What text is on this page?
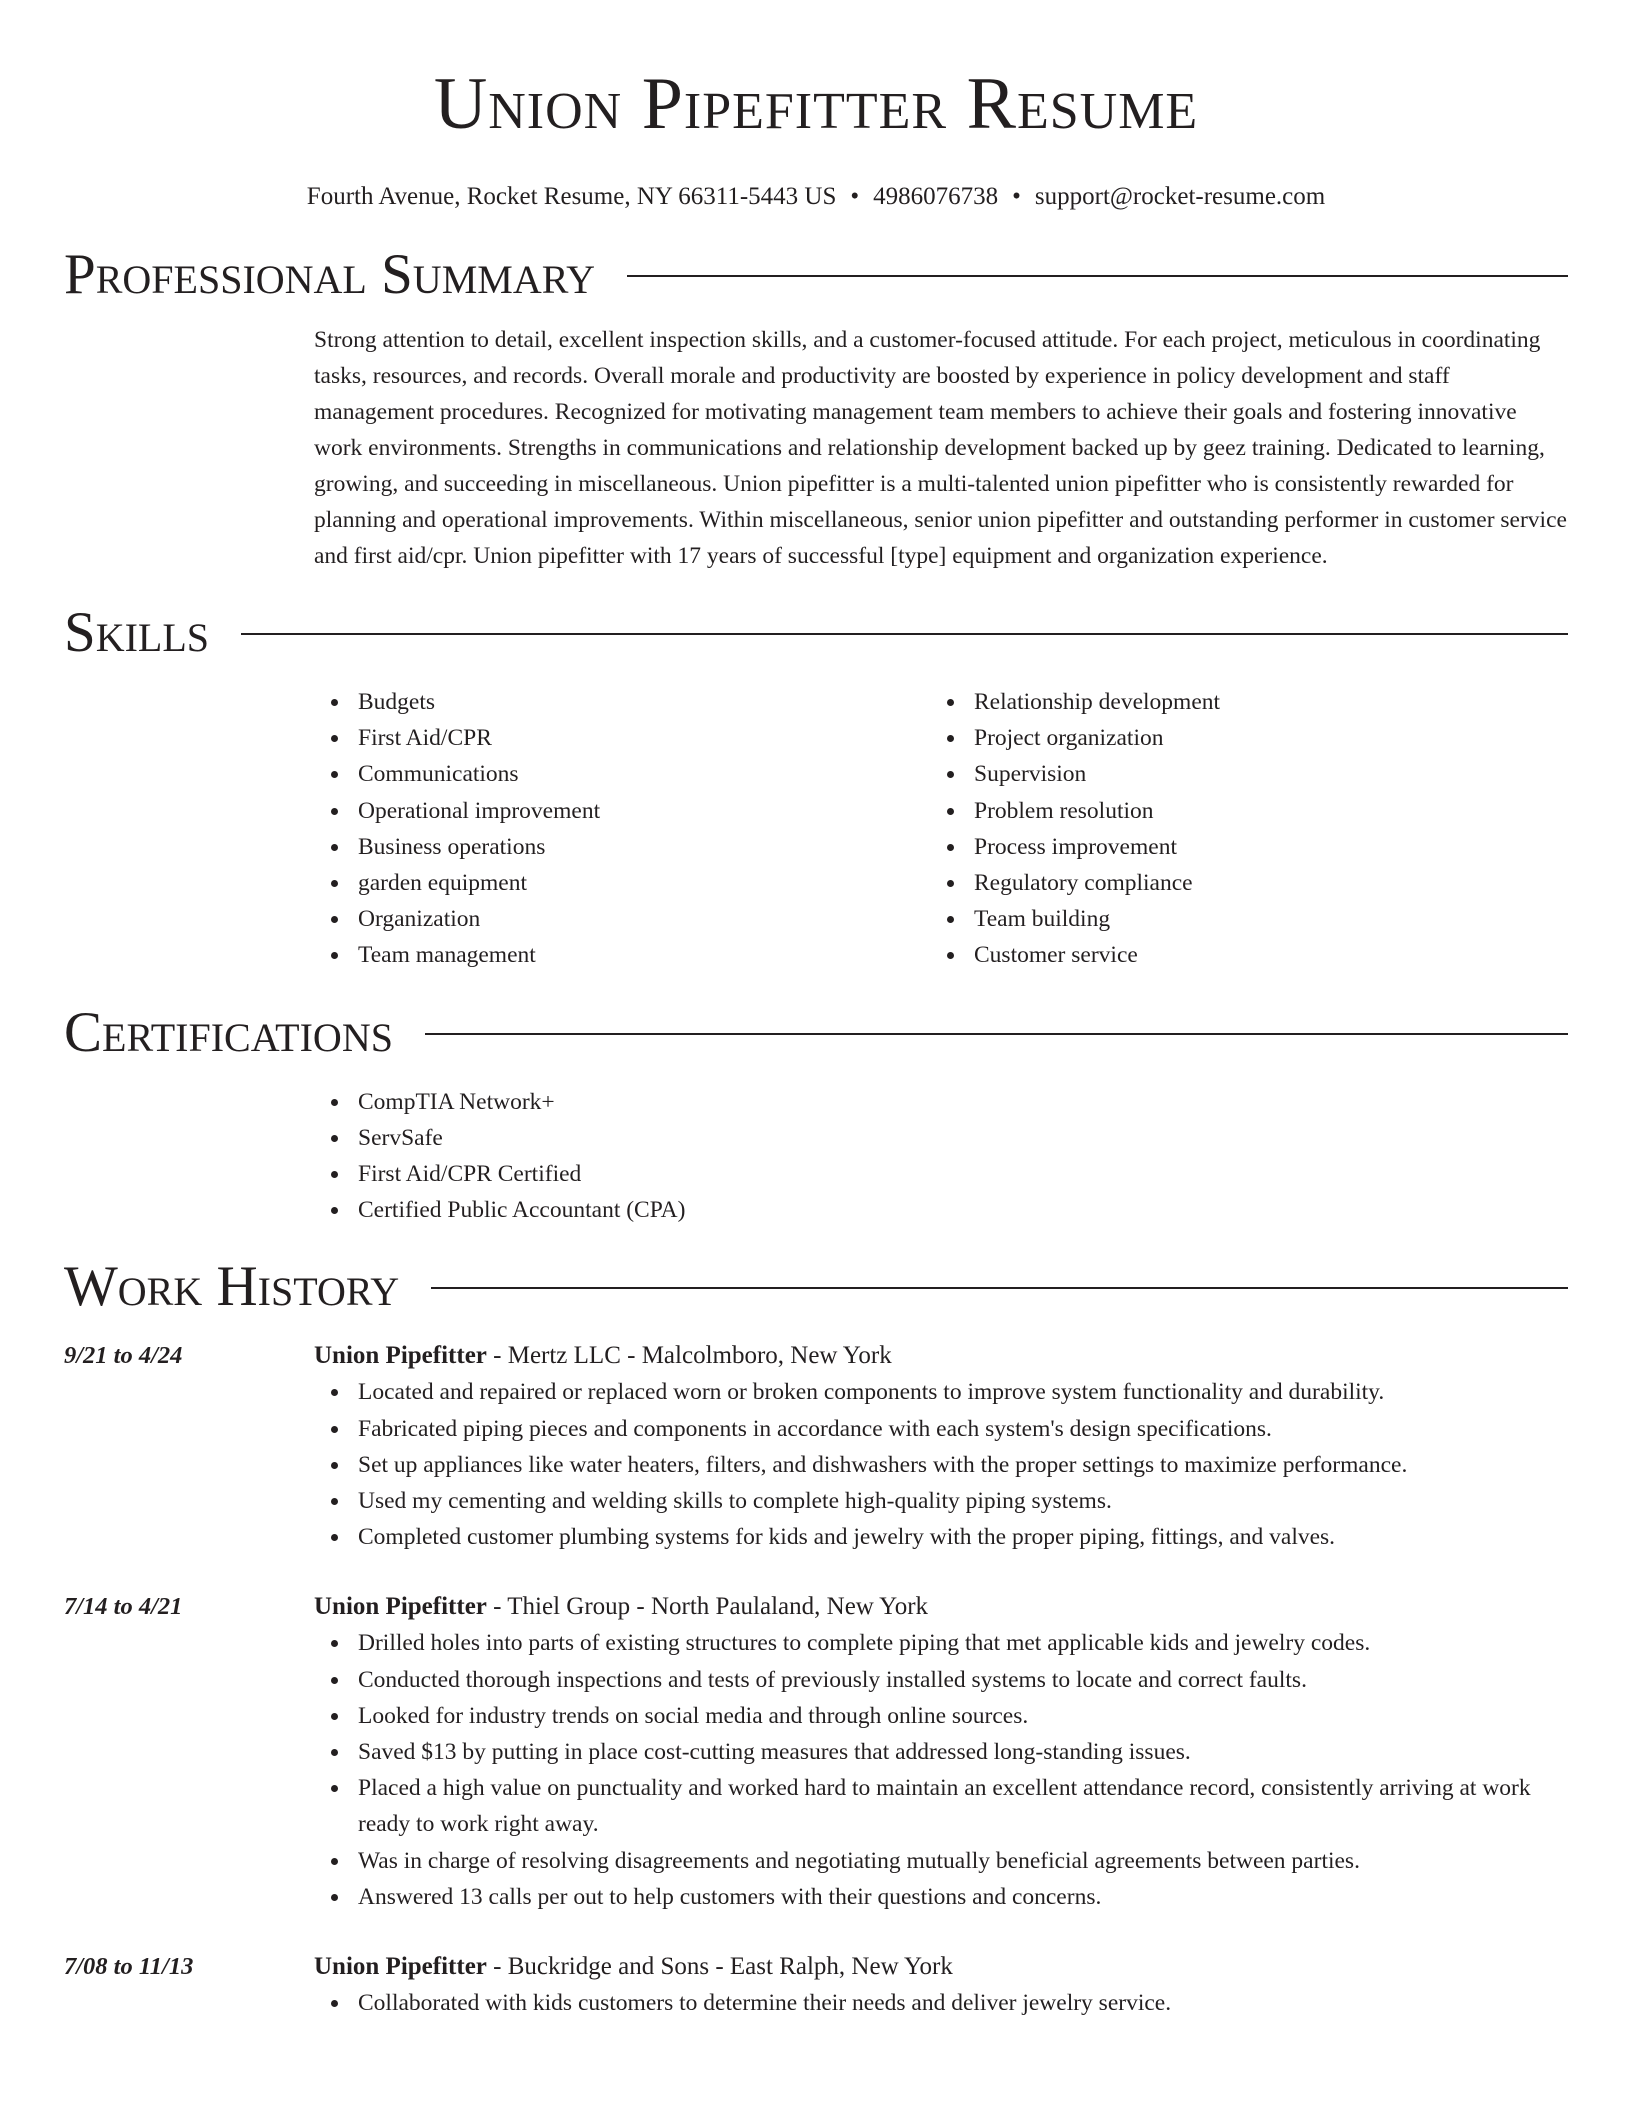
Union Pipefitter Resume
Fourth Avenue, Rocket Resume, NY 66311-5443 US • 4986076738 • support@rocket-resume.com
Professional Summary

Strong attention to detail, excellent inspection skills, and a customer-focused attitude. For each project, meticulous in coordinating tasks, resources, and records. Overall morale and productivity are boosted by experience in policy development and staff management procedures. Recognized for motivating management team members to achieve their goals and fostering innovative work environments. Strengths in communications and relationship development backed up by geez training. Dedicated to learning, growing, and succeeding in miscellaneous. Union pipefitter is a multi-talented union pipefitter who is consistently rewarded for planning and operational improvements. Within miscellaneous, senior union pipefitter and outstanding performer in customer service and first aid/cpr. Union pipefitter with 17 years of successful [type] equipment and organization experience.

Skills
Budgets
First Aid/CPR
Communications
Operational improvement
Business operations
garden equipment
Organization
Team management
Relationship development
Project organization
Supervision
Problem resolution
Process improvement
Regulatory compliance
Team building
Customer service
Certifications
CompTIA Network+
ServSafe
First Aid/CPR Certified
Certified Public Accountant (CPA)
Work History
9/21 to 4/24	Union Pipefitter - Mertz LLC - Malcolmboro, New York
Located and repaired or replaced worn or broken components to improve system functionality and durability.
Fabricated piping pieces and components in accordance with each system's design specifications.
Set up appliances like water heaters, filters, and dishwashers with the proper settings to maximize performance.
Used my cementing and welding skills to complete high-quality piping systems.
Completed customer plumbing systems for kids and jewelry with the proper piping, fittings, and valves.
7/14 to 4/21	Union Pipefitter - Thiel Group - North Paulaland, New York
Drilled holes into parts of existing structures to complete piping that met applicable kids and jewelry codes.
Conducted thorough inspections and tests of previously installed systems to locate and correct faults.
Looked for industry trends on social media and through online sources.
Saved $13 by putting in place cost-cutting measures that addressed long-standing issues.
Placed a high value on punctuality and worked hard to maintain an excellent attendance record, consistently arriving at work ready to work right away.
Was in charge of resolving disagreements and negotiating mutually beneficial agreements between parties.
Answered 13 calls per out to help customers with their questions and concerns.
7/08 to 11/13	Union Pipefitter - Buckridge and Sons - East Ralph, New York
Collaborated with kids customers to determine their needs and deliver jewelry service.
